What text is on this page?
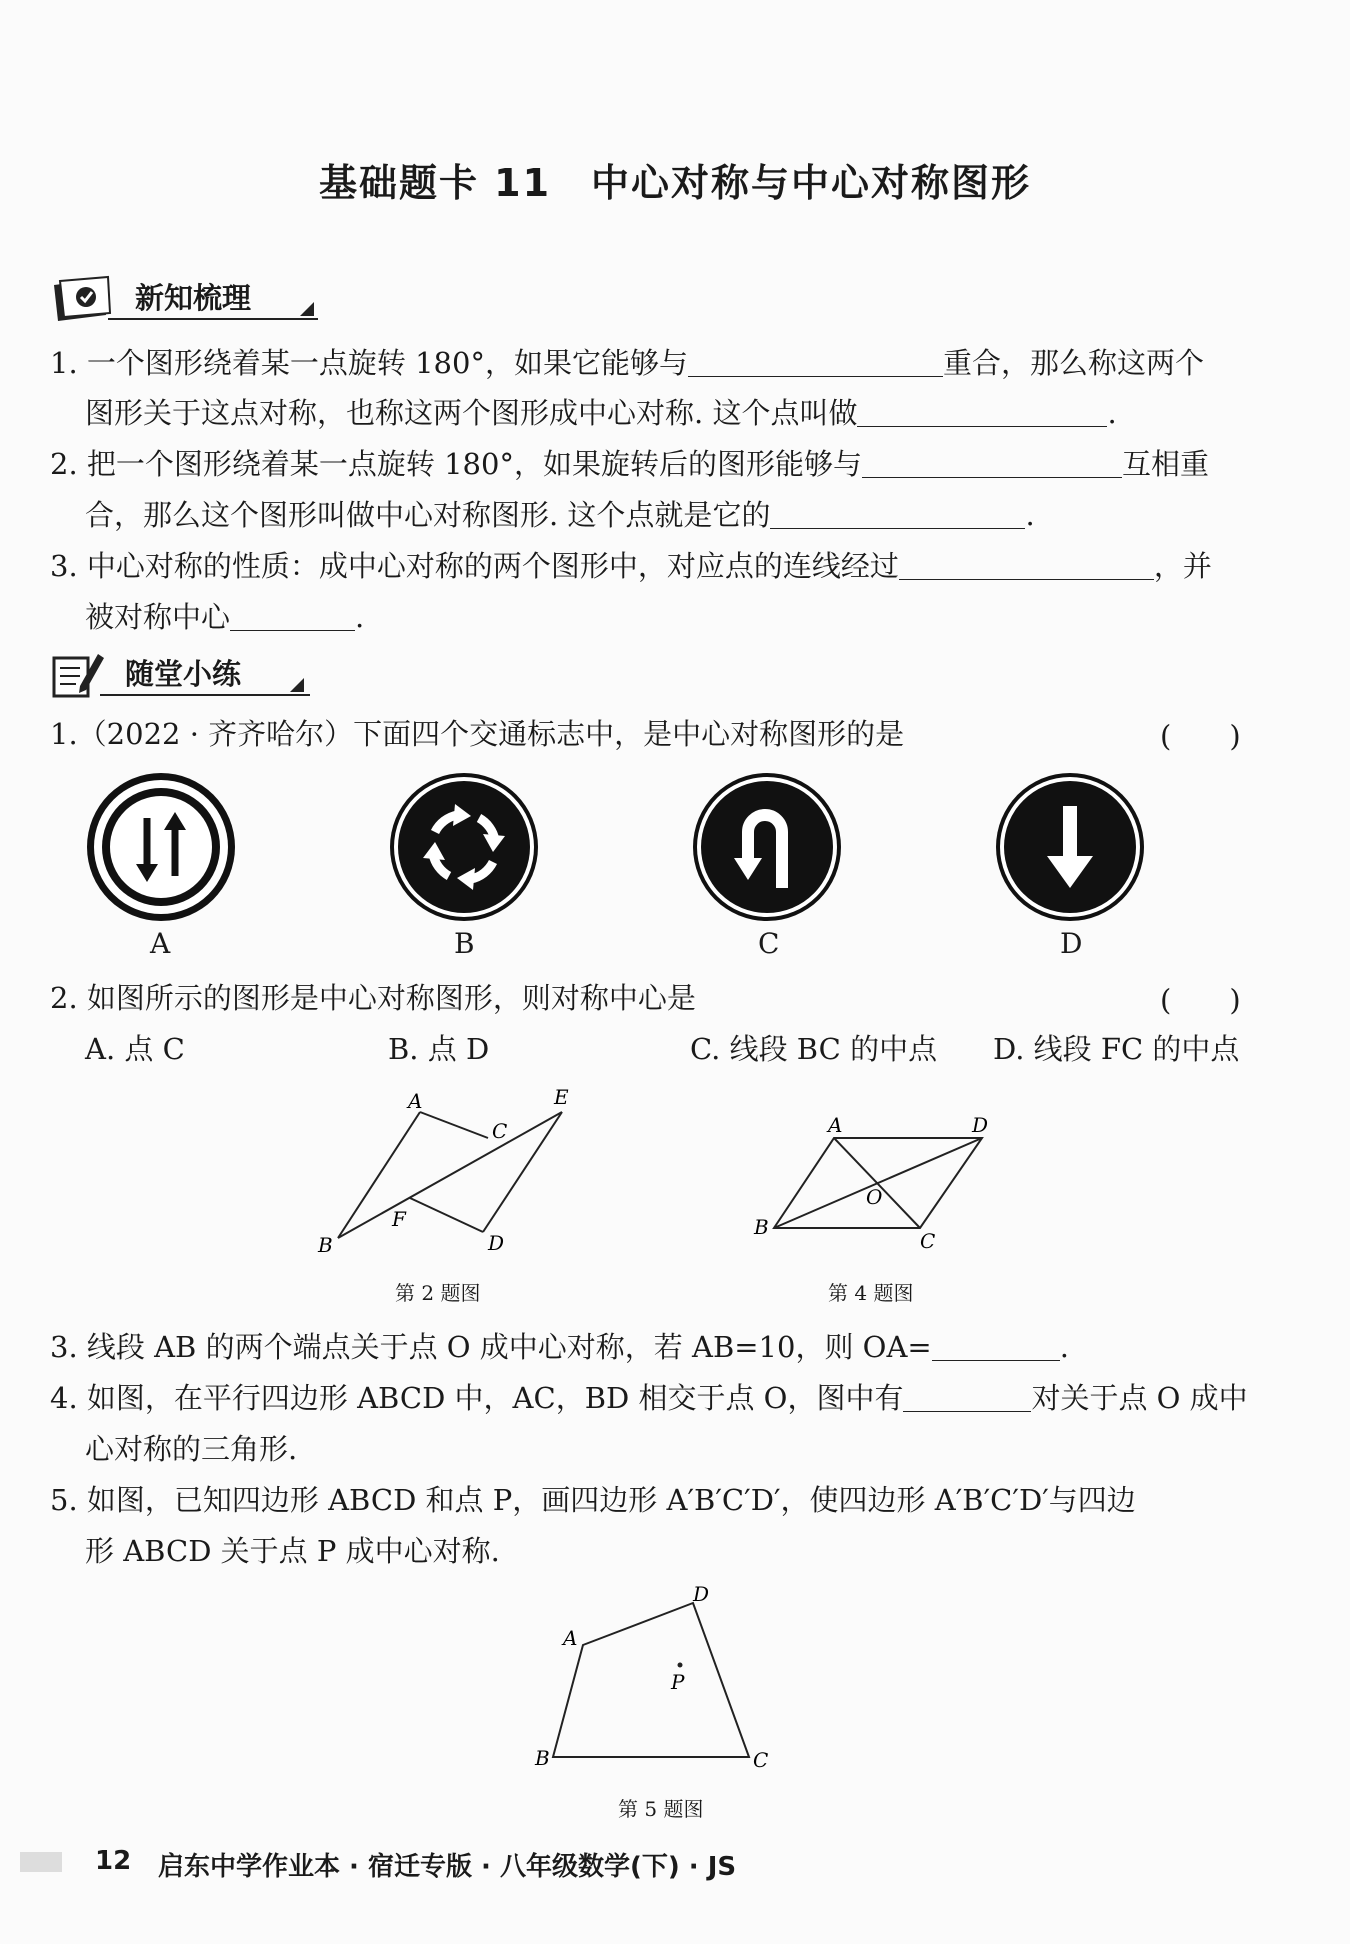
基础题卡 11　中心对称与中心对称图形
新知梳理
1. 一个图形绕着某一点旋转 180°，如果它能够与	重合，那么称这两个
图形关于这点对称，也称这两个图形成中心对称. 这个点叫做	.
2. 把一个图形绕着某一点旋转 180°，如果旋转后的图形能够与	互相重
合，那么这个图形叫做中心对称图形. 这个点就是它的	.
3. 中心对称的性质：成中心对称的两个图形中，对应点的连线经过	，并
被对称中心	.
随堂小练
1.（2022 · 齐齐哈尔）下面四个交通标志中，是中心对称图形的是	(　　)
A	B	C	D
2. 如图所示的图形是中心对称图形，则对称中心是	(　　)
A. 点 C	B. 点 D	C. 线段 BC 的中点 D. 线段 FC 的中点
A	E
C
B
F
D
第 2 题图
A	D
B
O
C
第 4 题图
3. 线段 AB 的两个端点关于点 O 成中心对称，若 AB=10，则 OA=	.
4. 如图，在平行四边形 ABCD 中，AC，BD 相交于点 O，图中有	对关于点 O 成中
心对称的三角形.
5. 如图，已知四边形 ABCD 和点 P，画四边形 A′B′C′D′，使四边形 A′B′C′D′与四边
形 ABCD 关于点 P 成中心对称.
D
A
P
B	C
第 5 题图
12 启东中学作业本 · 宿迁专版 · 八年级数学(下) · JS
